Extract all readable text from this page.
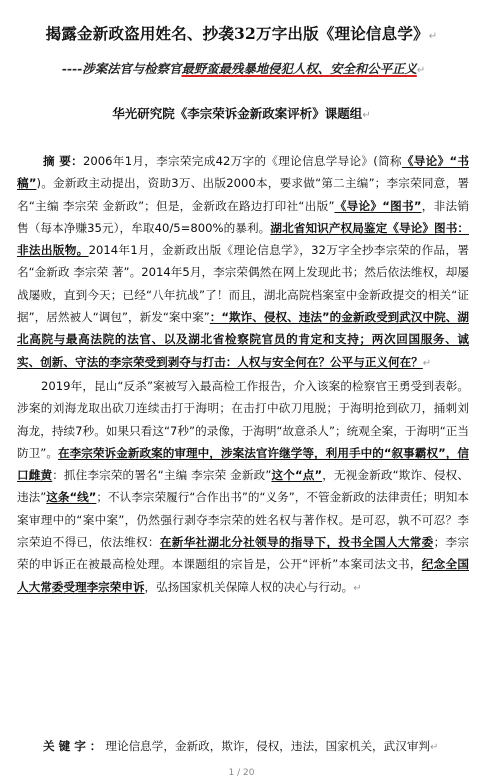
揭露金新政盗用姓名、抄袭32万字出版《理论信息学》↵
----涉案法官与检察官最野蛮最残暴地侵犯人权、安全和公平正义↵
华光研究院《李宗荣诉金新政案评析》课题组↵

摘 要：2006年1月，李宗荣完成42万字的《理论信息学导论》(简称《导论》“书稿”)。金新政主动提出，资助3万、出版2000本，要求做“第二主编”；李宗荣同意，署名“主编 李宗荣 金新政”；但是，金新政在路边打印社“出版”《导论》“图书”，非法销售（每本净赚35元），牟取40/5=800%的暴利。湖北省知识产权局鉴定《导论》图书：非法出版物。2014年1月，金新政出版《理论信息学》，32万字全抄李宗荣的作品，署名“金新政 李宗荣 著”。2014年5月，李宗荣偶然在网上发现此书；然后依法维权，却屡战屡败，直到今天；已经“八年抗战”了！而且，湖北高院档案室中金新政提交的相关“证据”，居然被人“调包”，新发“案中案”：“欺诈、侵权、违法”的金新政受到武汉中院、湖北高院与最高法院的法官、以及湖北省检察院官员的肯定和支持；两次回国服务、诚实、创新、守法的李宗荣受到剥夺与打击：人权与安全何在？公平与正义何在？↵

2019年，昆山“反杀”案被写入最高检工作报告，介入该案的检察官王勇受到表彰。涉案的刘海龙取出砍刀连续击打于海明；在击打中砍刀甩脱；于海明抢到砍刀，捅刺刘海龙，持续7秒。如果只看这“7秒”的录像，于海明“故意杀人”；统观全案，于海明“正当防卫”。在李宗荣诉金新政案的审理中，涉案法官许继学等，利用手中的“叙事霸权”，信口雌黄：抓住李宗荣的署名“主编 李宗荣 金新政”这个“点”，无视金新政“欺诈、侵权、违法”这条“线”；不认李宗荣履行“合作出书”的“义务”，不管金新政的法律责任；明知本案审理中的“案中案”，仍然强行剥夺李宗荣的姓名权与著作权。是可忍，孰不可忍？李宗荣迫不得已，依法维权：在新华社湖北分社领导的指导下，投书全国人大常委；李宗荣的申诉正在被最高检处理。本课题组的宗旨是，公开“评析”本案司法文书，纪念全国人大常委受理李宗荣申诉，弘扬国家机关保障人权的决心与行动。↵

关键字：理论信息学，金新政，欺诈，侵权，违法，国家机关，武汉审判↵
1 / 20
